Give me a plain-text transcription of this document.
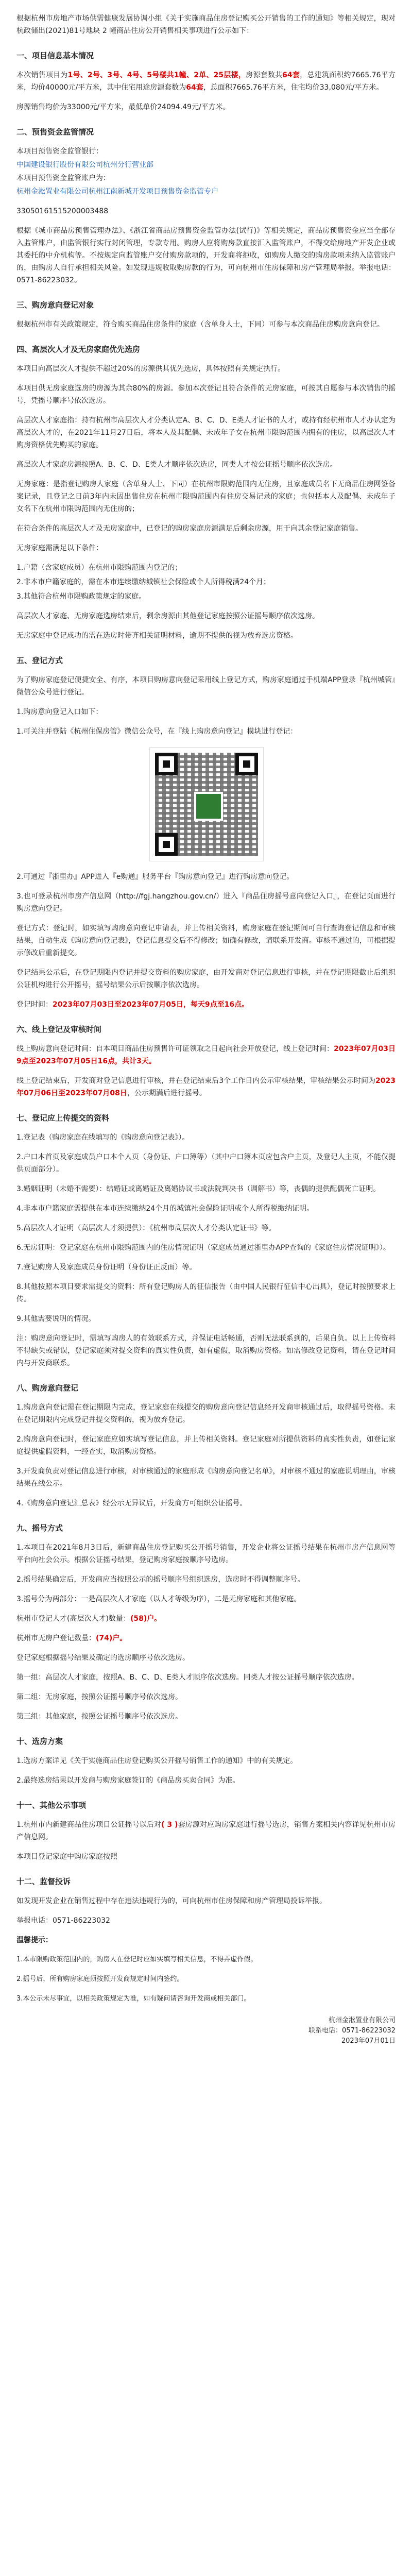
根据杭州市房地产市场供需健康发展协调小组《关于实施商品住房登记购买公开销售的工作的通知》等相关规定，现对杭政储出(2021)81号地块 2 幢商品住房公开销售相关事项进行公示如下：

一、项目信息基本情况

本次销售项目为1号、2号、3号、4号、5号楼共1幢、2单、25层楼，房源套数共64套，总建筑面积约7665.76平方米，均价40000元/平方米，其中住宅用途房源套数为64套，总面积7665.76平方米，住宅均价33,080元/平方米。

房源销售均价为33000元/平方米，最低单价24094.49元/平方米。

二、预售资金监管情况

本项目预售资金监管银行：

中国建设银行股份有限公司杭州分行营业部

本项目预售资金监管账户为：

杭州金淞置业有限公司杭州江南新城开发项目预售资金监管专户

33050161515200003488

根据《城市商品房预售管理办法》、《浙江省商品房预售资金监管办法(试行)》等相关规定，商品房预售资金应当全部存入监管账户，由监管银行实行封闭管理，专款专用。购房人应将购房款直接汇入监管账户，不得交给房地产开发企业或其委托的中介机构等。不按规定向监管账户交付购房款项的，开发商将拒收，如购房人缴交的购房款项未纳入监管账户的，由购房人自行承担相关风险。如发现违规收取购房款的行为，可向杭州市住房保障和房产管理局举报。举报电话：0571-86223032。

三、购房意向登记对象

根据杭州市有关政策规定，符合购买商品住房条件的家庭（含单身人士，下同）可参与本次商品住房购房意向登记。

四、高层次人才及无房家庭优先选房

本项目向高层次人才提供不超过20%的房源供其优先选房，具体按照有关规定执行。

本项目供无房家庭选房的房源为其余80%的房源。参加本次登记且符合条件的无房家庭，可按其自愿参与本次销售的摇号，凭摇号顺序号依次选房。

高层次人才家庭指：持有杭州市高层次人才分类认定A、B、C、D、E类人才证书的人才，或持有经杭州市人才办认定为高层次人才的，在2021年11月27日后，将本人及其配偶、未成年子女在杭州市限购范围内拥有的住房，以高层次人才购房资格优先购买的家庭。

高层次人才家庭房源按照A、B、C、D、E类人才顺序依次选房，同类人才按公证摇号顺序依次选房。

无房家庭：是指登记购房人家庭（含单身人士、下同）在杭州市限购范围内无住房，且家庭成员名下无商品住房网签备案记录，且登记之日前3年内未因出售住房在杭州市限购范围内有住房交易记录的家庭；也包括本人及配偶、未成年子女名下在杭州市限购范围内无住房的；

在符合条件的高层次人才及无房家庭中，已登记的购房家庭房源满足后剩余房源，用于向其余登记家庭销售。

无房家庭需满足以下条件：

1.户籍（含家庭成员）在杭州市限购范围内登记的；

2.非本市户籍家庭的，需在本市连续缴纳城镇社会保险或个人所得税满24个月；

3.其他符合杭州市限购政策规定的家庭。

高层次人才家庭、无房家庭选房结束后，剩余房源由其他登记家庭按照公证摇号顺序依次选房。

无房家庭中登记成功的需在选房时带齐相关证明材料，逾期不提供的视为放弃选房资格。

五、登记方式

为了购房家庭登记便捷安全、有序，本项目购房意向登记采用线上登记方式，购房家庭通过手机端APP登录『杭州城管』微信公众号进行登记。

1.购房意向登记入口如下：

1.可关注并登陆《杭州住保房管》微信公众号，在『线上购房意向登记』模块进行登记：

2.可通过『浙里办』APP进入『e购通』服务平台『购房意向登记』进行购房意向登记。

3.也可登录杭州市房产信息网（http://fgj.hangzhou.gov.cn/）进入『商品住房摇号意向登记入口』，在登记页面进行购房意向登记。

登记方式：登记时，如实填写购房意向登记申请表，并上传相关资料，购房家庭在登记期间可自行查询登记信息和审核结果，自动生成《购房意向登记表》，登记信息提交后不得修改；如确有修改，请联系开发商。审核不通过的，可根据提示修改后重新提交。

登记结果公示后，在登记期限内登记并提交资料的购房家庭，由开发商对登记信息进行审核，并在登记期限截止后组织公证机构进行公开摇号，摇号结果公示后按顺序依次选房。

登记时间：2023年07月03日至2023年07月05日，每天9点至16点。

六、线上登记及审核时间

线上购房意向登记时间：自本项目商品住房预售许可证领取之日起向社会开放登记，线上登记时间：2023年07月03日9点至2023年07月05日16点，共计3天。

线上登记结束后，开发商对登记信息进行审核，并在登记结束后3个工作日内公示审核结果，审核结果公示时间为2023年07月06日至2023年07月08日，公示期满后进行摇号。

七、登记应上传提交的资料

1.登记表（购房家庭在线填写的《购房意向登记表》）。

2.户口本首页及家庭成员户口本个人页（身份证、户口簿等）（其中户口簿本页应包含户主页，及登记人主页，不能仅提供页面部分）。

3.婚姻证明（未婚不需要）：结婚证或离婚证及离婚协议书或法院判决书（调解书）等，丧偶的提供配偶死亡证明。

4.非本市户籍家庭需提供在本市连续缴纳24个月的城镇社会保险证明或个人所得税缴纳证明。

5.高层次人才证明（高层次人才须提供）：《杭州市高层次人才分类认定证书》等。

6.无房证明：登记家庭在杭州市限购范围内的住房情况证明（家庭成员通过浙里办APP查询的《家庭住房情况证明》）。

7.登记购房人及家庭成员身份证明（身份证正反面）等。

8.其他按照本项目要求需提交的资料：所有登记购房人的征信报告（由中国人民银行征信中心出具），登记时按照要求上传。

9.其他需要说明的情况。

注：购房意向登记时，需填写购房人的有效联系方式，并保证电话畅通，否则无法联系到的，后果自负。以上上传资料不得缺失或错误，登记家庭须对提交资料的真实性负责，如有虚假，取消购房资格。如需修改登记资料，请在登记时间内与开发商联系。

八、购房意向登记

1.购房意向登记需在登记期限内完成，登记家庭在线提交的购房意向登记信息经开发商审核通过后，取得摇号资格。未在登记期限内完成登记并提交资料的，视为放弃登记。

2.购房意向登记时，登记家庭应如实填写登记信息，并上传相关资料。登记家庭对所提供资料的真实性负责，如登记家庭提供虚假资料，一经查实，取消购房资格。

3.开发商负责对登记信息进行审核，对审核通过的家庭形成《购房意向登记名单》，对审核不通过的家庭说明理由，审核结果在线公示。

4.《购房意向登记汇总表》经公示无异议后，开发商方可组织公证摇号。

九、摇号方式

1.本项目在2021年8月3日后，新建商品住房登记购买公开摇号销售，开发企业将公证摇号结果在杭州市房产信息网等平台向社会公示。根据公证摇号结果，登记购房家庭按顺序号选房。

2.摇号结果确定后，开发商应当按照公示的摇号顺序号组织选房，选房时不得调整顺序号。

3.摇号分为两部分：一是高层次人才家庭（以人才等级为序），二是无房家庭和其他家庭。

杭州市登记人才(高层次人才)数量：(58)户。

杭州市无房户登记数量：(74)户。

登记家庭根据摇号结果及确定的选房顺序号依次选房。

第一组：高层次人才家庭，按照A、B、C、D、E类人才顺序依次选房。同类人才按公证摇号顺序依次选房。

第二组：无房家庭，按照公证摇号顺序号依次选房。

第三组：其他家庭，按照公证摇号顺序号依次选房。

十、选房方案

1.选房方案详见《关于实施商品住房登记购买公开摇号销售工作的通知》中的有关规定。

2.最终选房结果以开发商与购房家庭签订的《商品房买卖合同》为准。

十一、其他公示事项

1.杭州市内新建商品住房项目公证摇号以后对( 3 )套房源对应购房家庭进行摇号选房，销售方案相关内容详见杭州市房产信息网。

本项目登记家庭中购房家庭按照

十二、监督投诉

如发现开发企业在销售过程中存在违法违规行为的，可向杭州市住房保障和房产管理局投诉举报。

举报电话：0571-86223032

温馨提示：

1.本市限购政策范围内的，购房人在登记时应如实填写相关信息，不得弄虚作假。

2.摇号后，所有购房家庭须按照开发商规定时间内签约。

3.本公示未尽事宜，以相关政策规定为准，如有疑问请咨询开发商或相关部门。

杭州金淞置业有限公司
联系电话：0571-86223032
2023年07月01日
